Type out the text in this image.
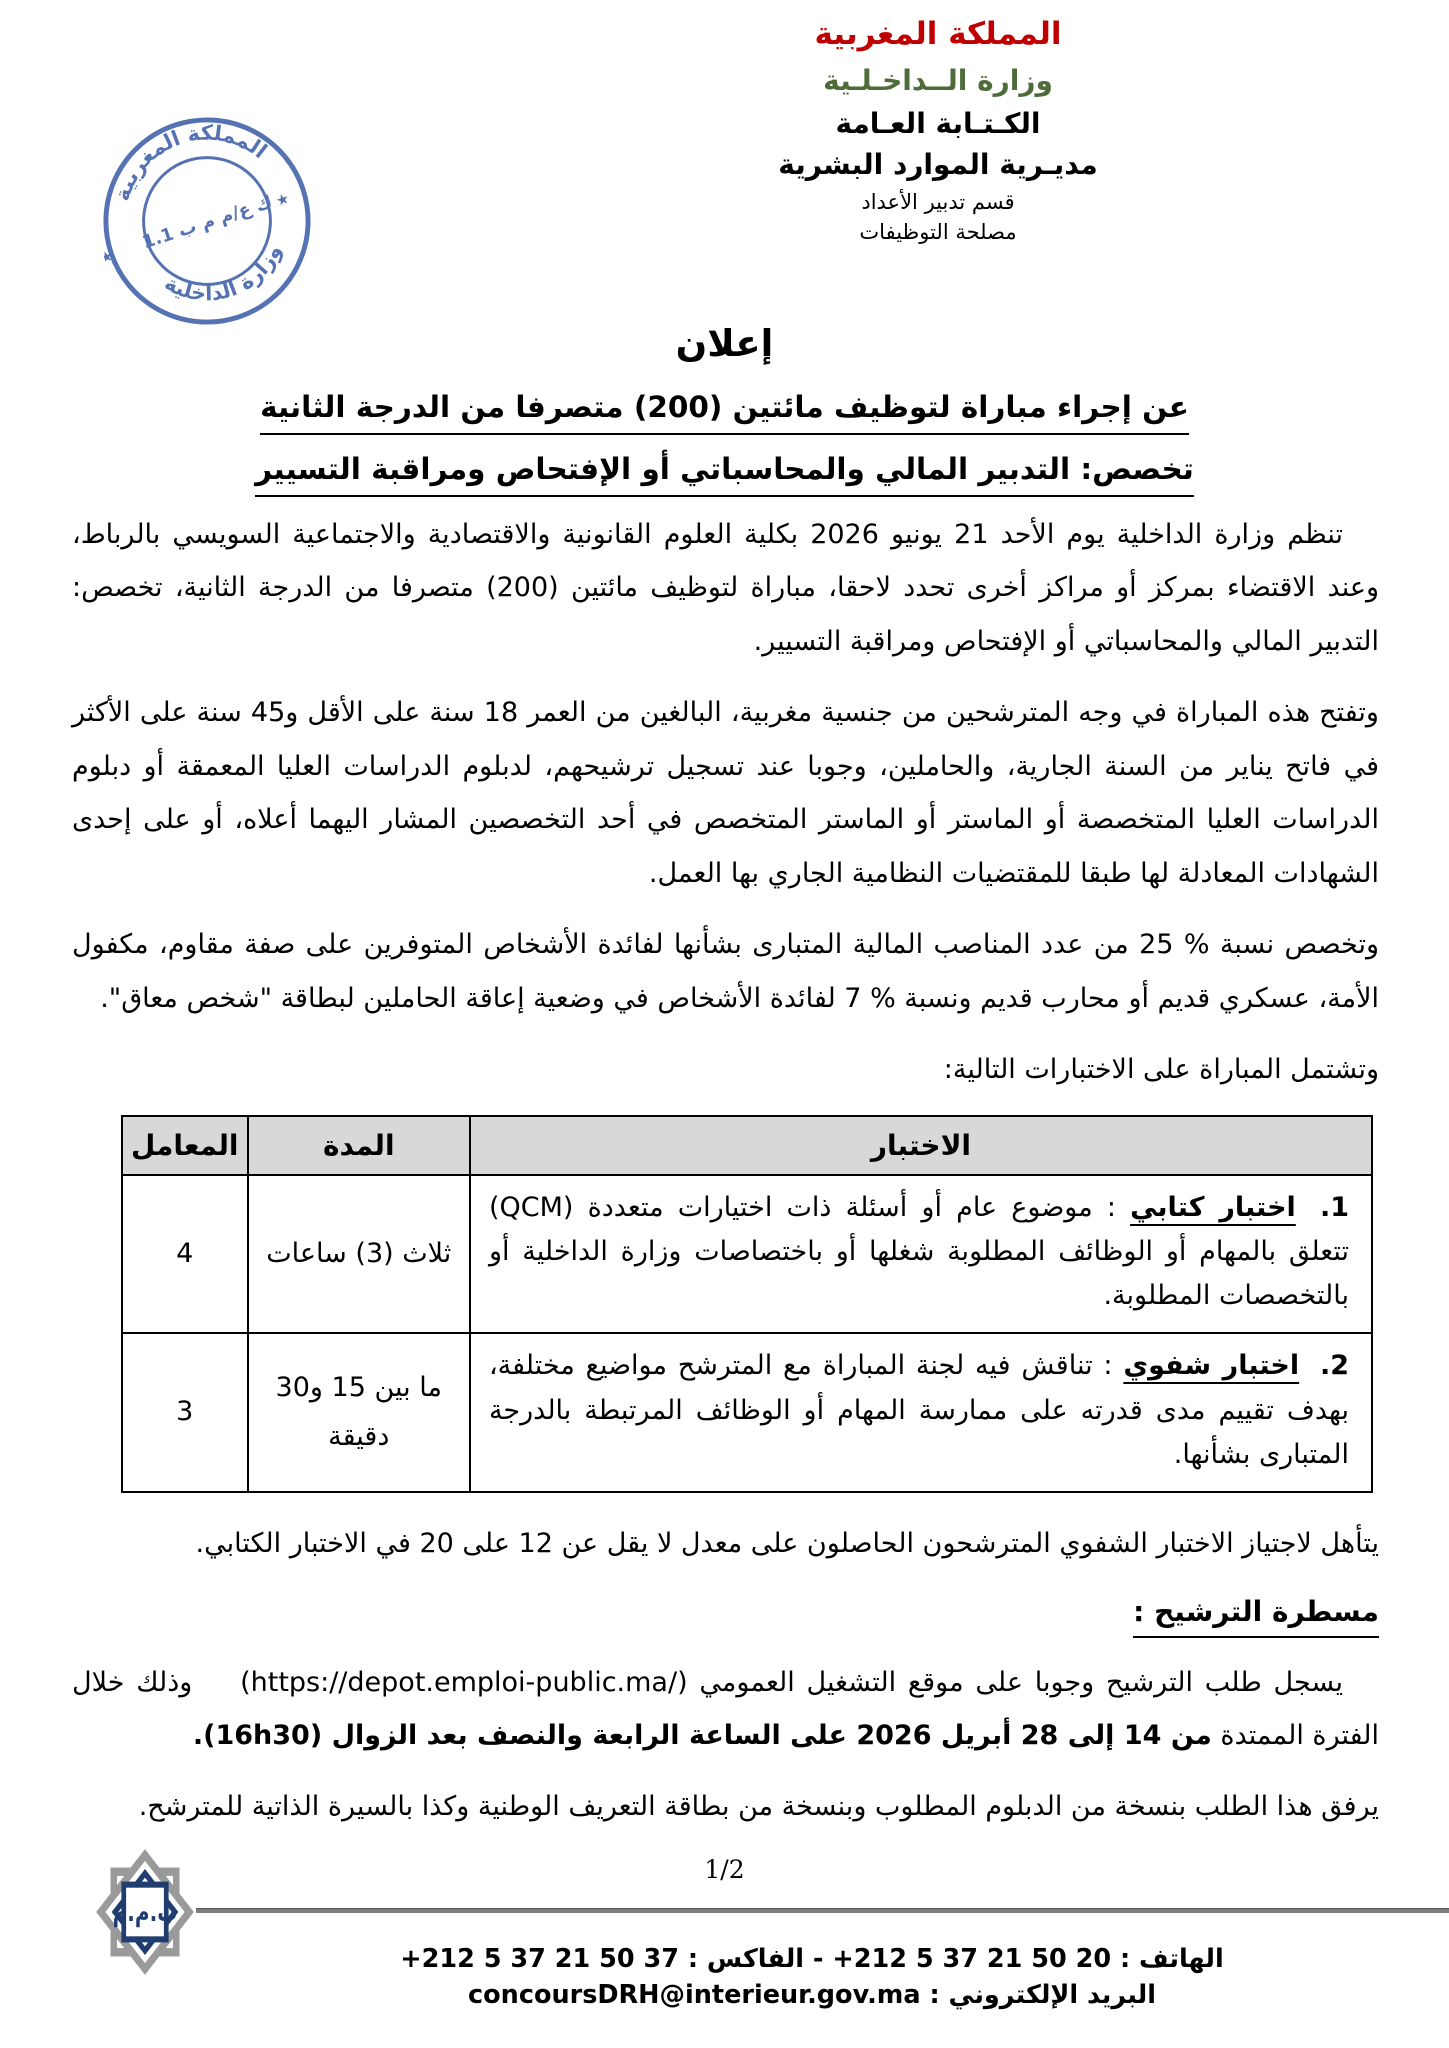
المملكة المغربية
وزارة الداخلية
ك ع/م م ب 1.1
★
★
المملكة المغربية
وزارة الــداخـلـية
الكـتـابة العـامة
مديـرية الموارد البشرية
قسم تدبير الأعداد
مصلحة التوظيفات
إعلان
عن إجراء مباراة لتوظيف مائتين (200) متصرفا من الدرجة الثانية
تخصص: التدبير المالي والمحاسباتي أو الإفتحاص ومراقبة التسيير

تنظم وزارة الداخلية يوم الأحد 21 يونيو 2026 بكلية العلوم القانونية والاقتصادية والاجتماعية السويسي بالرباط، وعند الاقتضاء بمركز أو مراكز أخرى تحدد لاحقا، مباراة لتوظيف مائتين (200) متصرفا من الدرجة الثانية، تخصص: التدبير المالي والمحاسباتي أو الإفتحاص ومراقبة التسيير.

وتفتح هذه المباراة في وجه المترشحين من جنسية مغربية، البالغين من العمر 18 سنة على الأقل و45 سنة على الأكثر في فاتح يناير من السنة الجارية، والحاملين، وجوبا عند تسجيل ترشيحهم، لدبلوم الدراسات العليا المعمقة أو دبلوم الدراسات العليا المتخصصة أو الماستر أو الماستر المتخصص في أحد التخصصين المشار اليهما أعلاه، أو على إحدى الشهادات المعادلة لها طبقا للمقتضيات النظامية الجاري بها العمل.

وتخصص نسبة % 25 من عدد المناصب المالية المتبارى بشأنها لفائدة الأشخاص المتوفرين على صفة مقاوم، مكفول الأمة، عسكري قديم أو محارب قديم ونسبة % 7 لفائدة الأشخاص في وضعية إعاقة الحاملين لبطاقة "شخص معاق".

وتشتمل المباراة على الاختبارات التالية:

الاختبار	المدة	المعامل
1. اختبار كتابي : موضوع عام أو أسئلة ذات اختيارات متعددة (QCM) تتعلق بالمهام أو الوظائف المطلوبة شغلها أو باختصاصات وزارة الداخلية أو بالتخصصات المطلوبة.	ثلاث (3) ساعات	4
2. اختبار شفوي : تناقش فيه لجنة المباراة مع المترشح مواضيع مختلفة، بهدف تقييم مدى قدرته على ممارسة المهام أو الوظائف المرتبطة بالدرجة المتبارى بشأنها.	ما بين 15 و30 دقيقة	3

يتأهل لاجتياز الاختبار الشفوي المترشحون الحاصلون على معدل لا يقل عن 12 على 20 في الاختبار الكتابي.

مسطرة الترشيح :

يسجل طلب الترشيح وجوبا على موقع التشغيل العمومي (https://depot.emploi-public.ma/) وذلك خلال الفترة الممتدة من 14 إلى 28 أبريل 2026 على الساعة الرابعة والنصف بعد الزوال (16h30).

يرفق هذا الطلب بنسخة من الدبلوم المطلوب وبنسخة من بطاقة التعريف الوطنية وكذا بالسيرة الذاتية للمترشح.

1/2
ب.م.م
الهاتف : +212 5 37 21 50 20 - الفاكس : +212 5 37 21 50 37
البريد الإلكتروني : concoursDRH@interieur.gov.ma
